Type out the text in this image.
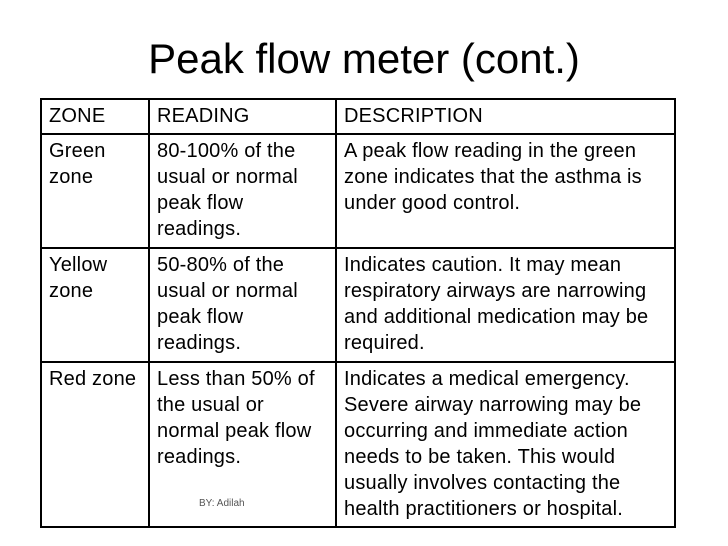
Peak flow meter (cont.)
ZONE	READING	DESCRIPTION
Green zone	80-100% of the usual or normal peak flow readings.	A peak flow reading in the green zone indicates that the asthma is under good control.
Yellow zone	50-80% of the usual or normal peak flow readings.	Indicates caution. It may mean respiratory airways are narrowing and additional medication may be required.
Red zone	Less than 50% of the usual or normal peak flow readings.	Indicates a medical emergency. Severe airway narrowing may be occurring and immediate action needs to be taken. This would usually involves contacting the health practitioners or hospital.
BY: Adilah
